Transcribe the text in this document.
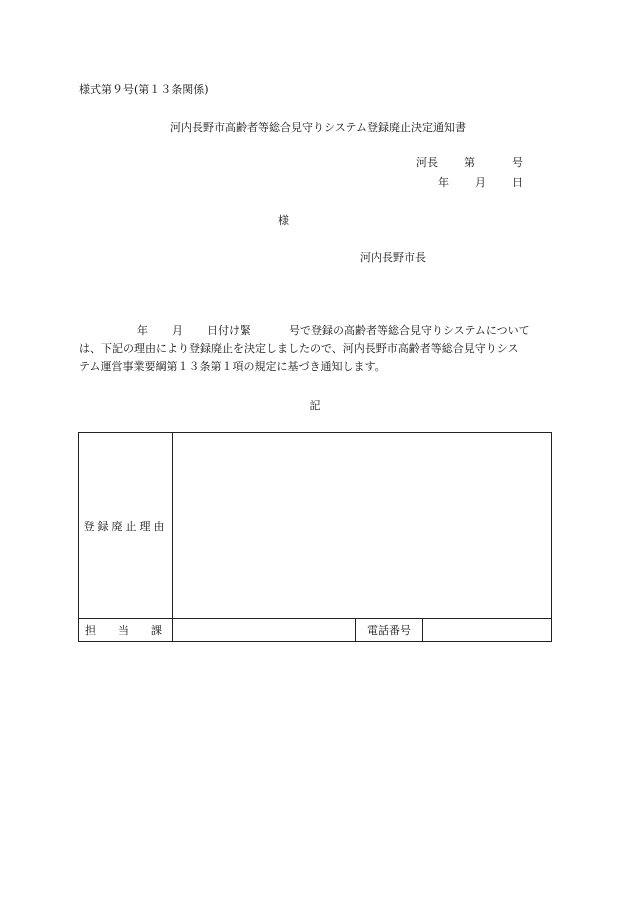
様式第９号(第１３条関係)
河内長野市高齢者等総合見守りシステム登録廃止決定通知書
河長 第	号
年 月 日
様
河内長野市長
年 月 日付け緊	号で登録の高齢者等総合見守りシステムについて
は、下記の理由により登録廃止を決定しましたので、河内長野市高齢者等総合見守りシス
テム運営事業要綱第１３条第１項の規定に基づき通知します。
記
登録廃止理由			

担 当 課		電話番号	
